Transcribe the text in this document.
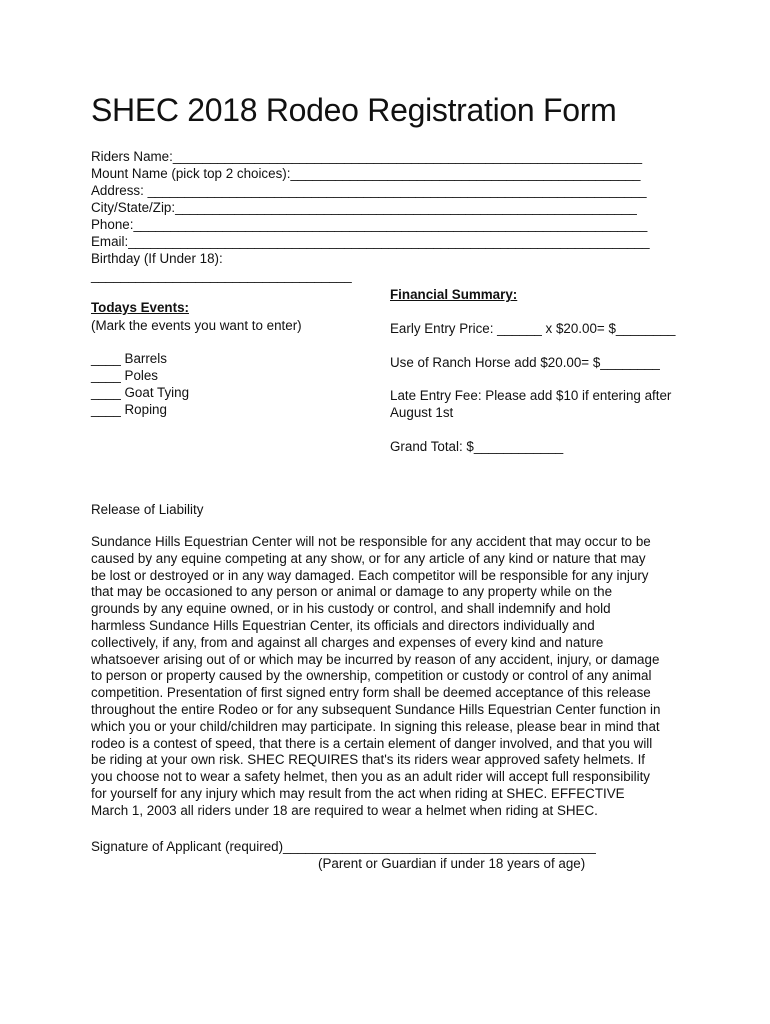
SHEC 2018 Rodeo Registration Form
Riders Name:_______________________________________________________________
Mount Name (pick top 2 choices):_______________________________________________
Address: ___________________________________________________________________
City/State/Zip:______________________________________________________________
Phone:_____________________________________________________________________
Email:______________________________________________________________________
Birthday (If Under 18):
___________________________________
Todays Events:
(Mark the events you want to enter)
____ Barrels
____ Poles
____ Goat Tying
____ Roping
Financial Summary:
Early Entry Price: ______ x $20.00= $________
Use of Ranch Horse add $20.00= $________
Late Entry Fee: Please add $10 if entering after
August 1st
Grand Total: $____________
Release of Liability

Sundance Hills Equestrian Center will not be responsible for any accident that may occur to be

caused by any equine competing at any show, or for any article of any kind or nature that may

be lost or destroyed or in any way damaged. Each competitor will be responsible for any injury

that may be occasioned to any person or animal or damage to any property while on the

grounds by any equine owned, or in his custody or control, and shall indemnify and hold

harmless Sundance Hills Equestrian Center, its officials and directors individually and

collectively, if any, from and against all charges and expenses of every kind and nature

whatsoever arising out of or which may be incurred by reason of any accident, injury, or damage

to person or property caused by the ownership, competition or custody or control of any animal

competition. Presentation of first signed entry form shall be deemed acceptance of this release

throughout the entire Rodeo or for any subsequent Sundance Hills Equestrian Center function in

which you or your child/children may participate. In signing this release, please bear in mind that

rodeo is a contest of speed, that there is a certain element of danger involved, and that you will

be riding at your own risk. SHEC REQUIRES that's its riders wear approved safety helmets. If

you choose not to wear a safety helmet, then you as an adult rider will accept full responsibility

for yourself for any injury which may result from the act when riding at SHEC. EFFECTIVE

March 1, 2003 all riders under 18 are required to wear a helmet when riding at SHEC.

Signature of Applicant (required)__________________________________________
(Parent or Guardian if under 18 years of age)
